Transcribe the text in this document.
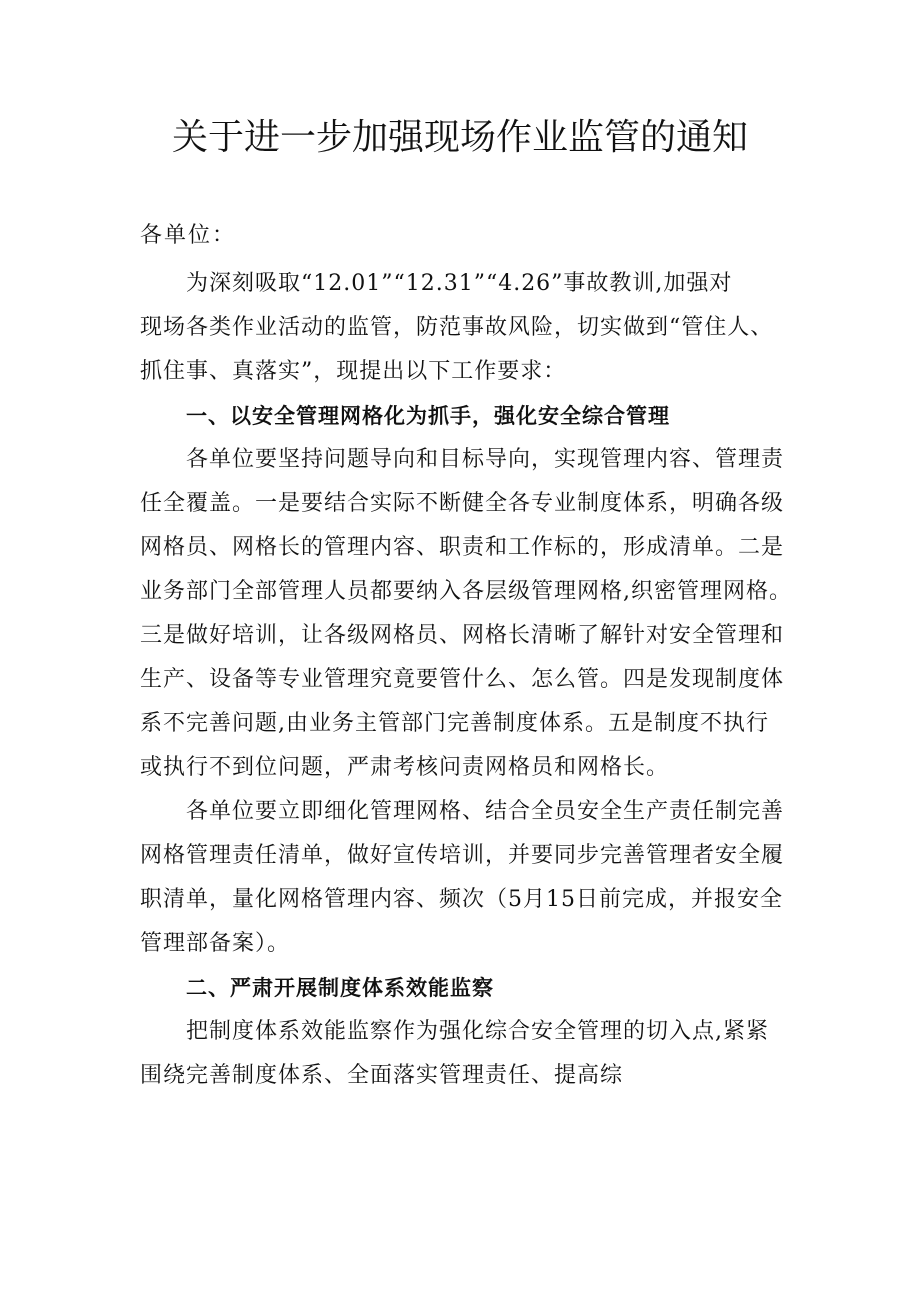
关于进一步加强现场作业监管的通知

各单位：

为深刻吸取“12.01”“12.31”“4.26”事故教训,加强对
现场各类作业活动的监管，防范事故风险，切实做到“管住人、
抓住事、真落实”，现提出以下工作要求：

一、以安全管理网格化为抓手，强化安全综合管理

各单位要坚持问题导向和目标导向，实现管理内容、管理责
任全覆盖。一是要结合实际不断健全各专业制度体系，明确各级
网格员、网格长的管理内容、职责和工作标的，形成清单。二是
业务部门全部管理人员都要纳入各层级管理网格,织密管理网格。
三是做好培训，让各级网格员、网格长清晰了解针对安全管理和
生产、设备等专业管理究竟要管什么、怎么管。四是发现制度体
系不完善问题,由业务主管部门完善制度体系。五是制度不执行
或执行不到位问题，严肃考核问责网格员和网格长。

各单位要立即细化管理网格、结合全员安全生产责任制完善
网格管理责任清单，做好宣传培训，并要同步完善管理者安全履
职清单，量化网格管理内容、频次（5月15日前完成，并报安全
管理部备案）。

二、严肃开展制度体系效能监察

把制度体系效能监察作为强化综合安全管理的切入点,紧紧
围绕完善制度体系、全面落实管理责任、提高综
